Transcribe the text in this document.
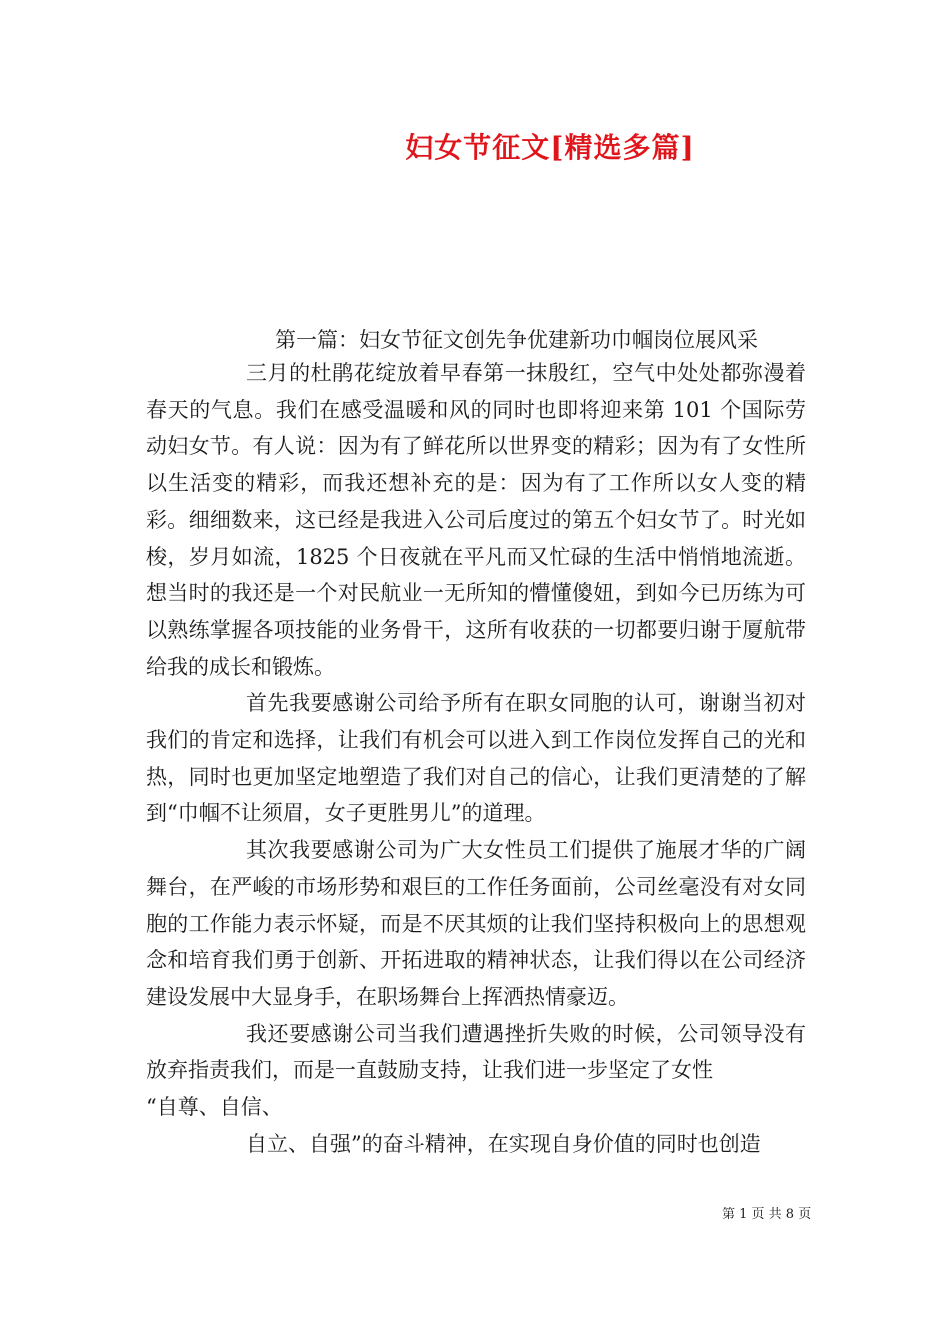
妇女节征文[精选多篇]
第一篇：妇女节征文创先争优建新功巾帼岗位展风采

三月的杜鹃花绽放着早春第一抹殷红，空气中处处都弥漫着春天的气息。我们在感受温暖和风的同时也即将迎来第 101 个国际劳动妇女节。有人说：因为有了鲜花所以世界变的精彩；因为有了女性所以生活变的精彩，而我还想补充的是：因为有了工作所以女人变的精彩。细细数来，这已经是我进入公司后度过的第五个妇女节了。时光如梭，岁月如流，1825 个日夜就在平凡而又忙碌的生活中悄悄地流逝。想当时的我还是一个对民航业一无所知的懵懂傻妞，到如今已历练为可以熟练掌握各项技能的业务骨干，这所有收获的一切都要归谢于厦航带给我的成长和锻炼。

首先我要感谢公司给予所有在职女同胞的认可，谢谢当初对我们的肯定和选择，让我们有机会可以进入到工作岗位发挥自己的光和热，同时也更加坚定地塑造了我们对自己的信心，让我们更清楚的了解到“巾帼不让须眉，女子更胜男儿”的道理。

其次我要感谢公司为广大女性员工们提供了施展才华的广阔舞台，在严峻的市场形势和艰巨的工作任务面前，公司丝毫没有对女同胞的工作能力表示怀疑，而是不厌其烦的让我们坚持积极向上的思想观念和培育我们勇于创新、开拓进取的精神状态，让我们得以在公司经济建设发展中大显身手，在职场舞台上挥洒热情豪迈。

我还要感谢公司当我们遭遇挫折失败的时候，公司领导没有放弃指责我们，而是一直鼓励支持，让我们进一步坚定了女性

“自尊、自信、

自立、自强”的奋斗精神，在实现自身价值的同时也创造

第 1 页 共 8 页
